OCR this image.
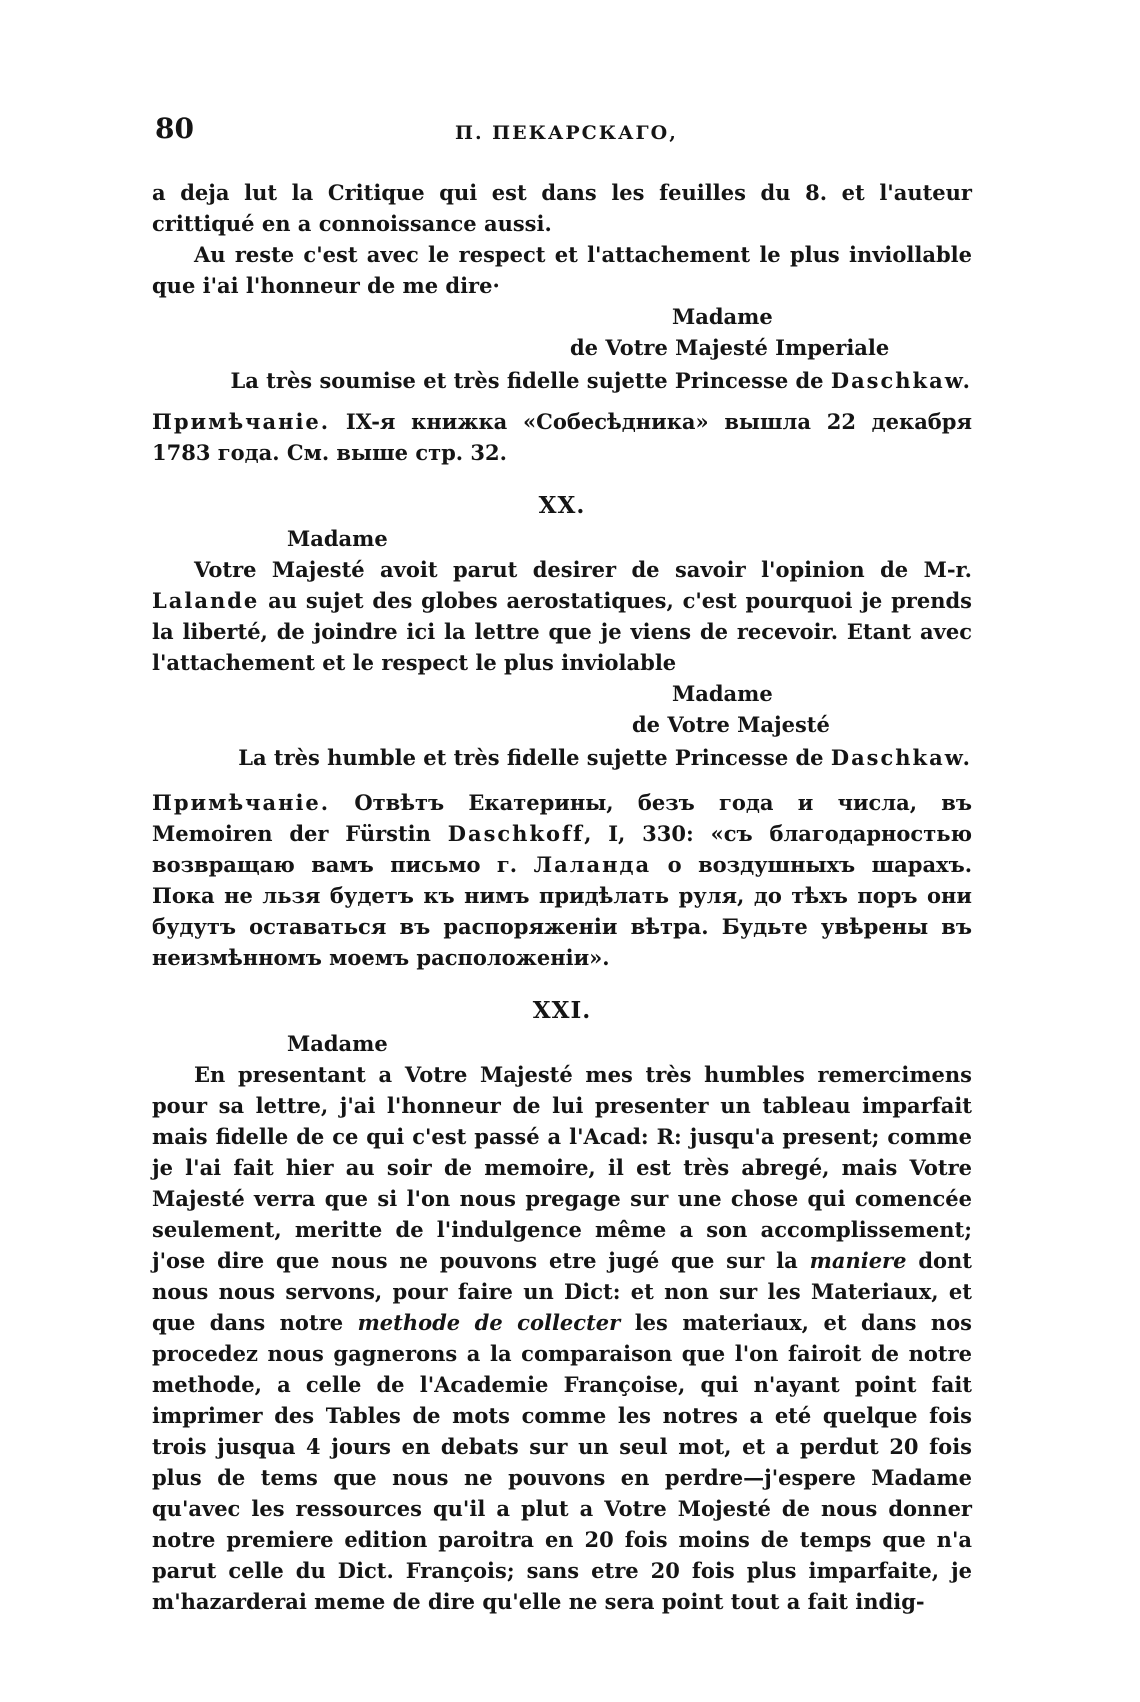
80	П. ПЕКАРСКАГО,

a deja lut la Critique qui est dans les feuilles du 8. et l'auteur crittiqué en a connoissance aussi.

Au reste c'est avec le respect et l'attachement le plus inviollable que i'ai l'honneur de me dire·

Madame

de Votre Majesté Imperiale

La très soumise et très fidelle sujette Princesse de Daschkaw.

Примѣчаніе. IX-я книжка «Собесѣдника» вышла 22 декабря 1783 года. См. выше стр. 32.

XX.

Madame

Votre Majesté avoit parut desirer de savoir l'opinion de M-r. Lalande au sujet des globes aerostatiques, c'est pourquoi je prends la liberté, de joindre ici la lettre que je viens de recevoir. Etant avec l'attachement et le respect le plus inviolable

Madame

de Votre Majesté

La très humble et très fidelle sujette Princesse de Daschkaw.

Примѣчаніе. Отвѣтъ Екатерины, безъ года и числа, въ Memoiren der Fürstin Daschkoff, I, 330: «съ благодарностью возвращаю вамъ письмо г. Лаланда о воздушныхъ шарахъ. Пока не льзя будетъ къ нимъ придѣлать руля, до тѣхъ поръ они будутъ оставаться въ распоряженіи вѣтра. Будьте увѣрены въ неизмѣнномъ моемъ расположеніи».

XXI.

Madame

En presentant a Votre Majesté mes très humbles remercimens pour sa lettre, j'ai l'honneur de lui presenter un tableau imparfait mais fidelle de ce qui c'est passé a l'Acad: R: jusqu'a present; comme je l'ai fait hier au soir de memoire, il est très abregé, mais Votre Majesté verra que si l'on nous pregage sur une chose qui comencée seulement, meritte de l'indulgence même a son accomplissement; j'ose dire que nous ne pouvons etre jugé que sur la maniere dont nous nous servons, pour faire un Dict: et non sur les Materiaux, et que dans notre methode de collecter les materiaux, et dans nos procedez nous gagnerons a la comparaison que l'on fairoit de notre methode, a celle de l'Academie Françoise, qui n'ayant point fait imprimer des Tables de mots comme les notres a eté quelque fois trois jusqua 4 jours en debats sur un seul mot, et a perdut 20 fois plus de tems que nous ne pouvons en perdre—j'espere Madame qu'avec les ressources qu'il a plut a Votre Mojesté de nous donner notre premiere edition paroitra en 20 fois moins de temps que n'a parut celle du Dict. François; sans etre 20 fois plus imparfaite, je m'hazarderai meme de dire qu'elle ne sera point tout a fait indig-
